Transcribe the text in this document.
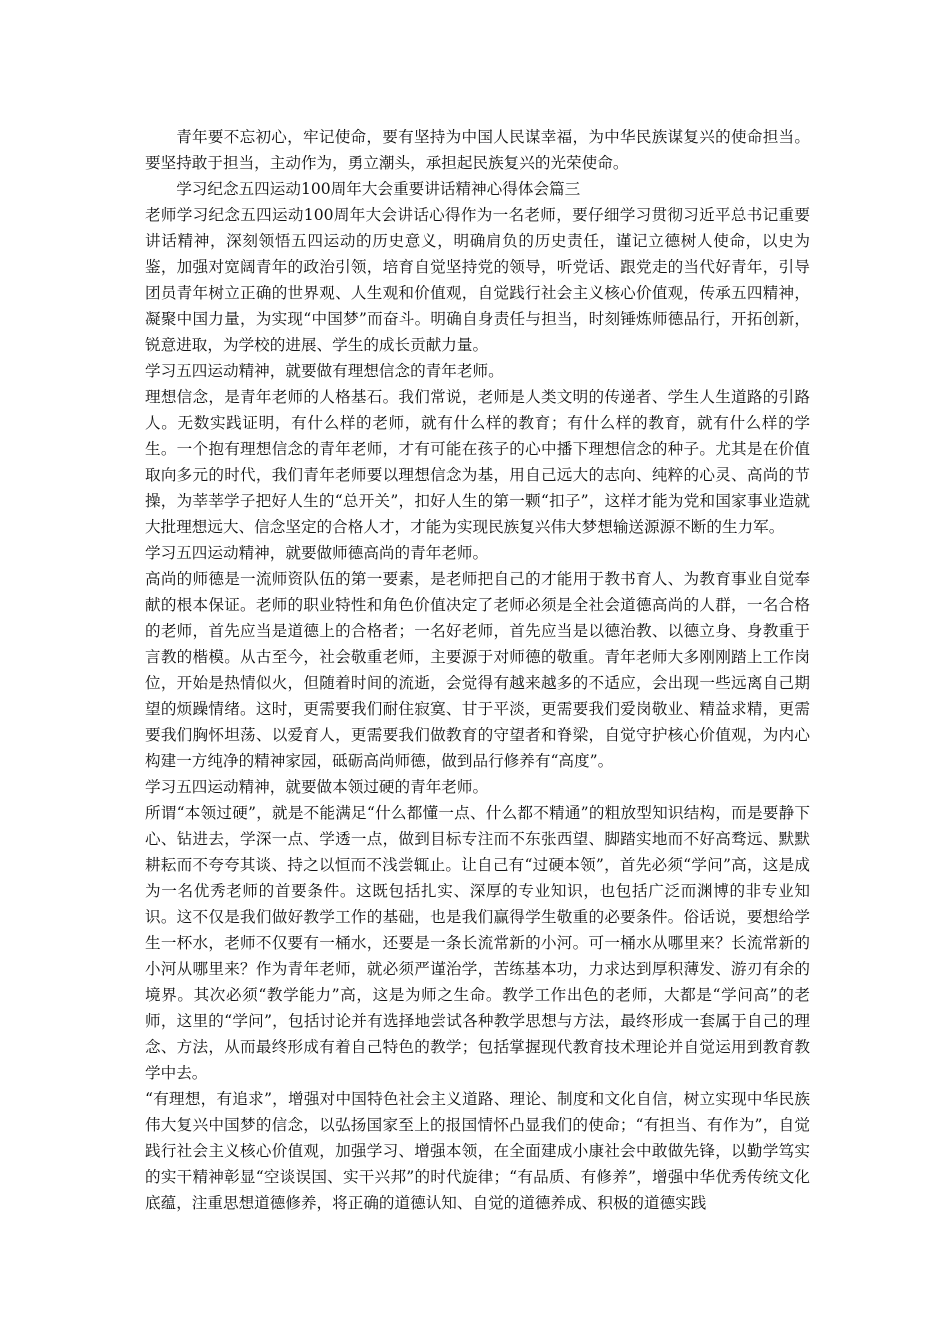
青年要不忘初心，牢记使命，要有坚持为中国人民谋幸福，为中华民族谋复兴的使命担当。要坚持敢于担当，主动作为，勇立潮头，承担起民族复兴的光荣使命。

学习纪念五四运动100周年大会重要讲话精神心得体会篇三

老师学习纪念五四运动100周年大会讲话心得作为一名老师，要仔细学习贯彻习近平总书记重要讲话精神，深刻领悟五四运动的历史意义，明确肩负的历史责任，谨记立德树人使命，以史为鉴，加强对宽阔青年的政治引领，培育自觉坚持党的领导，听党话、跟党走的当代好青年，引导团员青年树立正确的世界观、人生观和价值观，自觉践行社会主义核心价值观，传承五四精神，凝聚中国力量，为实现“中国梦”而奋斗。明确自身责任与担当，时刻锤炼师德品行，开拓创新，锐意进取，为学校的进展、学生的成长贡献力量。

学习五四运动精神，就要做有理想信念的青年老师。

理想信念，是青年老师的人格基石。我们常说，老师是人类文明的传递者、学生人生道路的引路人。无数实践证明，有什么样的老师，就有什么样的教育；有什么样的教育，就有什么样的学生。一个抱有理想信念的青年老师，才有可能在孩子的心中播下理想信念的种子。尤其是在价值取向多元的时代，我们青年老师要以理想信念为基，用自己远大的志向、纯粹的心灵、高尚的节操，为莘莘学子把好人生的“总开关”，扣好人生的第一颗“扣子”，这样才能为党和国家事业造就大批理想远大、信念坚定的合格人才，才能为实现民族复兴伟大梦想输送源源不断的生力军。

学习五四运动精神，就要做师德高尚的青年老师。

高尚的师德是一流师资队伍的第一要素，是老师把自己的才能用于教书育人、为教育事业自觉奉献的根本保证。老师的职业特性和角色价值决定了老师必须是全社会道德高尚的人群，一名合格的老师，首先应当是道德上的合格者；一名好老师，首先应当是以德治教、以德立身、身教重于言教的楷模。从古至今，社会敬重老师，主要源于对师德的敬重。青年老师大多刚刚踏上工作岗位，开始是热情似火，但随着时间的流逝，会觉得有越来越多的不适应，会出现一些远离自己期望的烦躁情绪。这时，更需要我们耐住寂寞、甘于平淡，更需要我们爱岗敬业、精益求精，更需要我们胸怀坦荡、以爱育人，更需要我们做教育的守望者和脊梁，自觉守护核心价值观，为内心构建一方纯净的精神家园，砥砺高尚师德，做到品行修养有“高度”。

学习五四运动精神，就要做本领过硬的青年老师。

所谓“本领过硬”，就是不能满足“什么都懂一点、什么都不精通”的粗放型知识结构，而是要静下心、钻进去，学深一点、学透一点，做到目标专注而不东张西望、脚踏实地而不好高骛远、默默耕耘而不夸夸其谈、持之以恒而不浅尝辄止。让自己有“过硬本领”，首先必须“学问”高，这是成为一名优秀老师的首要条件。这既包括扎实、深厚的专业知识，也包括广泛而渊博的非专业知识。这不仅是我们做好教学工作的基础，也是我们赢得学生敬重的必要条件。俗话说，要想给学生一杯水，老师不仅要有一桶水，还要是一条长流常新的小河。可一桶水从哪里来？长流常新的小河从哪里来？作为青年老师，就必须严谨治学，苦练基本功，力求达到厚积薄发、游刃有余的境界。其次必须“教学能力”高，这是为师之生命。教学工作出色的老师，大都是“学问高”的老师，这里的“学问”，包括讨论并有选择地尝试各种教学思想与方法，最终形成一套属于自己的理念、方法，从而最终形成有着自己特色的教学；包括掌握现代教育技术理论并自觉运用到教育教学中去。

“有理想，有追求”，增强对中国特色社会主义道路、理论、制度和文化自信，树立实现中华民族伟大复兴中国梦的信念，以弘扬国家至上的报国情怀凸显我们的使命；“有担当、有作为”，自觉践行社会主义核心价值观，加强学习、增强本领，在全面建成小康社会中敢做先锋，以勤学笃实的实干精神彰显“空谈误国、实干兴邦”的时代旋律；“有品质、有修养”，增强中华优秀传统文化底蕴，注重思想道德修养，将正确的道德认知、自觉的道德养成、积极的道德实践
